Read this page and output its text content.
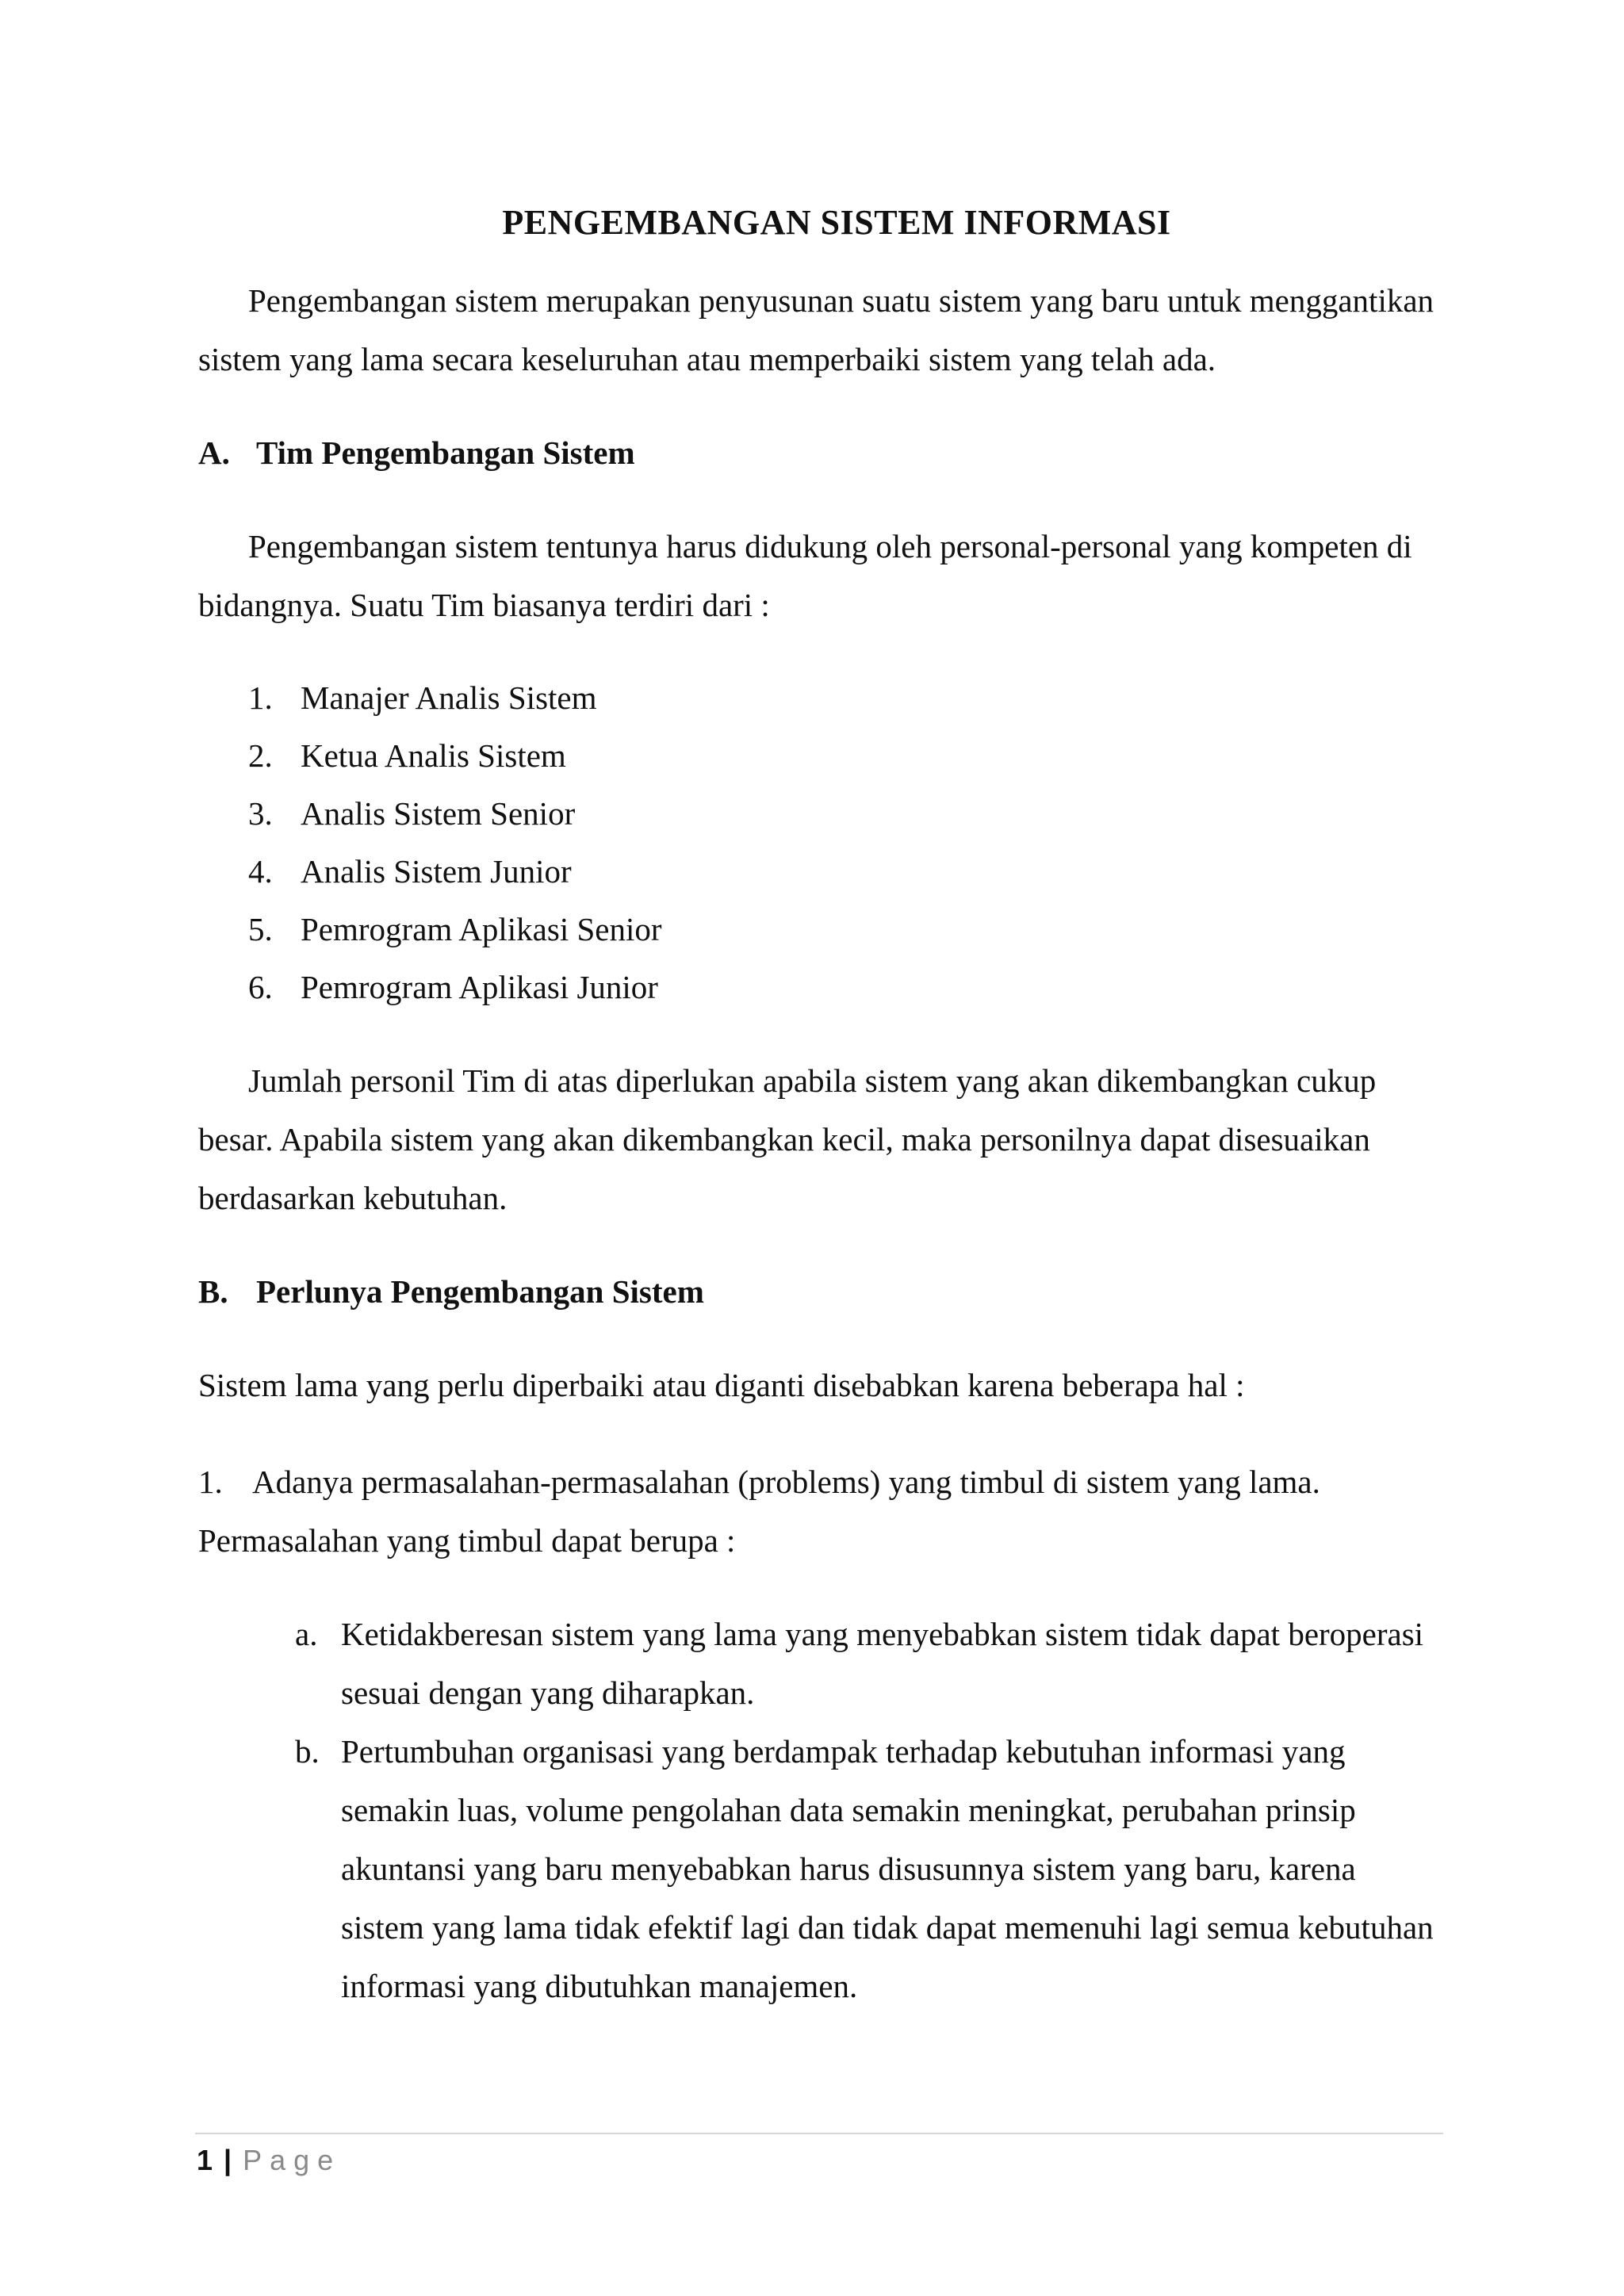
PENGEMBANGAN SISTEM INFORMASI

Pengembangan sistem merupakan penyusunan suatu sistem yang baru untuk menggantikan sistem yang lama secara keseluruhan atau memperbaiki sistem yang telah ada.

A. Tim Pengembangan Sistem

Pengembangan sistem tentunya harus didukung oleh personal-personal yang kompeten di bidangnya. Suatu Tim biasanya terdiri dari :

1. Manajer Analis Sistem
2. Ketua Analis Sistem
3. Analis Sistem Senior
4. Analis Sistem Junior
5. Pemrogram Aplikasi Senior
6. Pemrogram Aplikasi Junior

Jumlah personil Tim di atas diperlukan apabila sistem yang akan dikembangkan cukup besar. Apabila sistem yang akan dikembangkan kecil, maka personilnya dapat disesuaikan berdasarkan kebutuhan.

B. Perlunya Pengembangan Sistem

Sistem lama yang perlu diperbaiki atau diganti disebabkan karena beberapa hal :

1. Adanya permasalahan-permasalahan (problems) yang timbul di sistem yang lama. Permasalahan yang timbul dapat berupa :

a. Ketidakberesan sistem yang lama yang menyebabkan sistem tidak dapat beroperasi sesuai dengan yang diharapkan.
b. Pertumbuhan organisasi yang berdampak terhadap kebutuhan informasi yang semakin luas, volume pengolahan data semakin meningkat, perubahan prinsip akuntansi yang baru menyebabkan harus disusunnya sistem yang baru, karena sistem yang lama tidak efektif lagi dan tidak dapat memenuhi lagi semua kebutuhan informasi yang dibutuhkan manajemen.
1 | Page
